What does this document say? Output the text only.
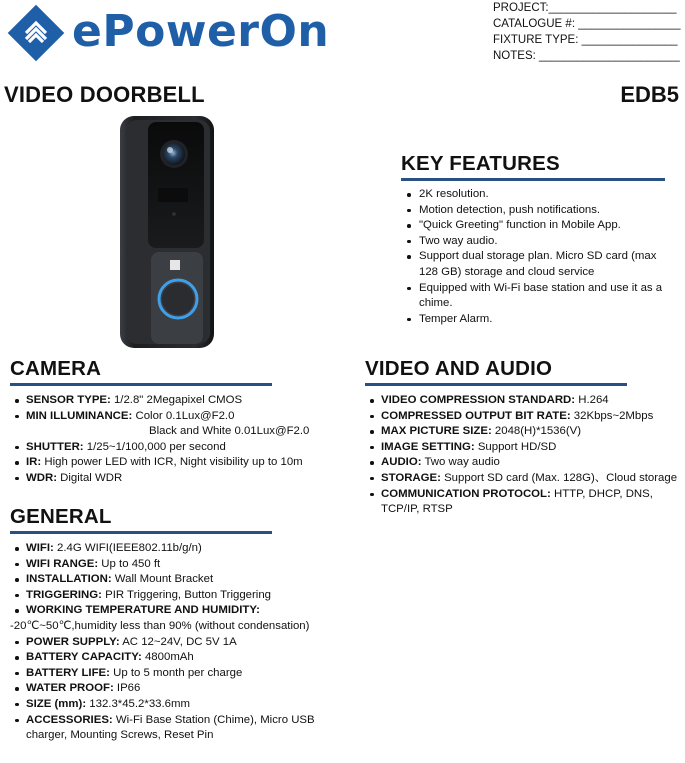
ePowerOn	PROJECT:____________________
CATALOGUE #: ________________
FIXTURE TYPE: _______________
NOTES: ______________________
VIDEO DOORBELL	EDB5
KEY FEATURES
2K resolution.
Motion detection, push notifications.
"Quick Greeting" function in Mobile App.
Two way audio.
Support dual storage plan. Micro SD card (max 128 GB) storage and cloud service
Equipped with Wi-Fi base station and use it as a chime.
Temper Alarm.
CAMERA
SENSOR TYPE: 1/2.8" 2Megapixel CMOS
MIN ILLUMINANCE: Color 0.1Lux@F2.0
Black and White 0.01Lux@F2.0
SHUTTER: 1/25~1/100,000 per second
IR: High power LED with ICR, Night visibility up to 10m
WDR: Digital WDR
VIDEO AND AUDIO
VIDEO COMPRESSION STANDARD: H.264
COMPRESSED OUTPUT BIT RATE: 32Kbps~2Mbps
MAX PICTURE SIZE: 2048(H)*1536(V)
IMAGE SETTING: Support HD/SD
AUDIO: Two way audio
STORAGE: Support SD card (Max. 128G)、Cloud storage
COMMUNICATION PROTOCOL: HTTP, DHCP, DNS, TCP/IP, RTSP
GENERAL
WIFI: 2.4G WIFI(IEEE802.11b/g/n)
WIFI RANGE: Up to 450 ft
INSTALLATION: Wall Mount Bracket
TRIGGERING: PIR Triggering, Button Triggering
WORKING TEMPERATURE AND HUMIDITY:
-20℃~50℃,humidity less than 90% (without condensation)
POWER SUPPLY: AC 12~24V, DC 5V 1A
BATTERY CAPACITY: 4800mAh
BATTERY LIFE: Up to 5 month per charge
WATER PROOF: IP66
SIZE (mm): 132.3*45.2*33.6mm
ACCESSORIES: Wi-Fi Base Station (Chime), Micro USB charger, Mounting Screws, Reset Pin
